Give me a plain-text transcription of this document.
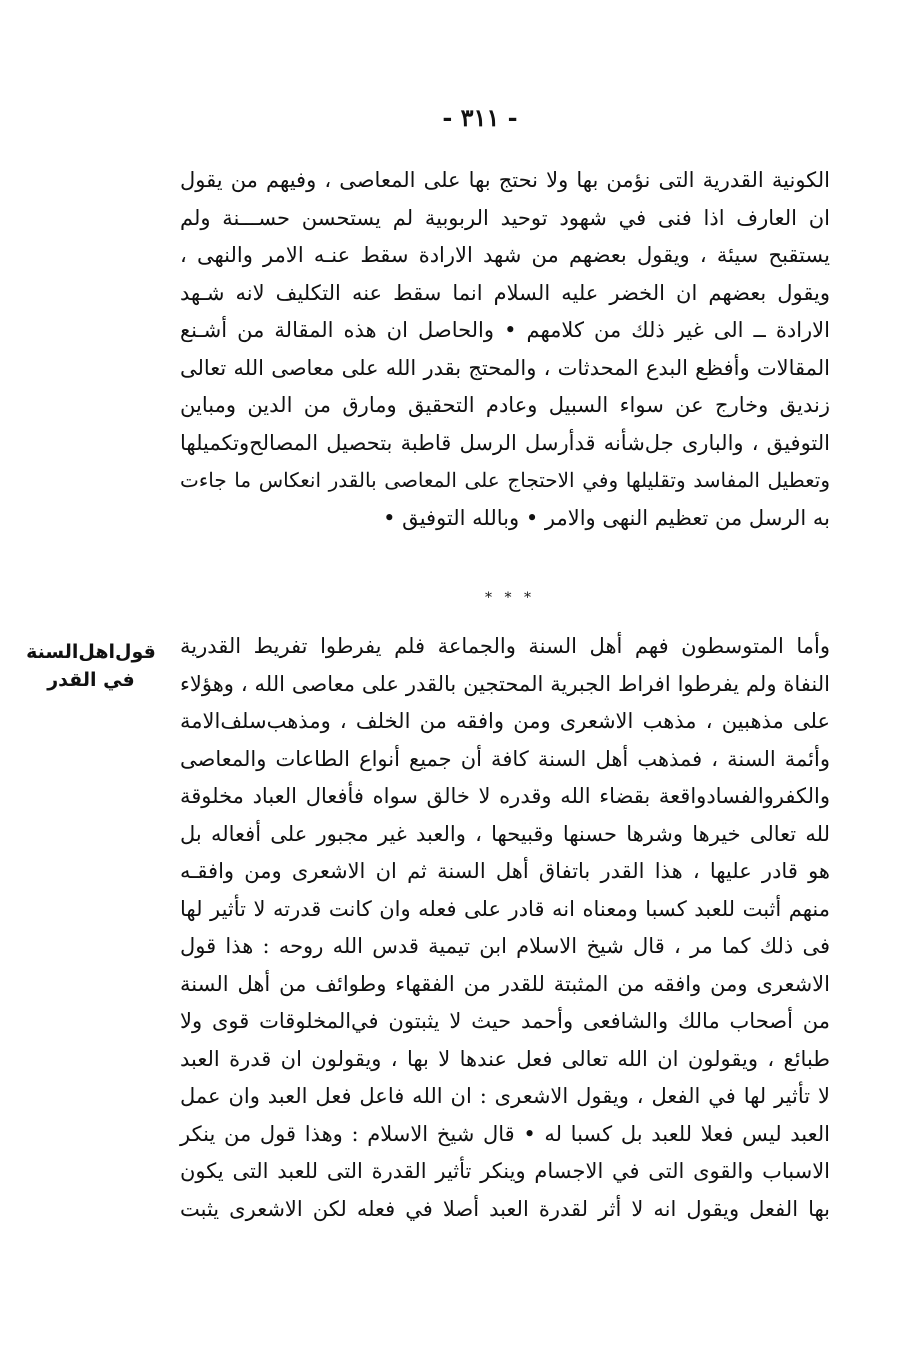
- ٣١١ -
الكونية القدرية التى نؤمن بها ولا نحتج بها على المعاصى ، وفيهم من يقول
ان العارف اذا فنى في شهود توحيد الربوبية لم يستحسن حســـنة ولم
يستقبح سيئة ، ويقول بعضهم من شهد الارادة سقط عنـه الامر والنهى ،
ويقول بعضهم ان الخضر عليه السلام انما سقط عنه التكليف لانه شـهد
الارادة ــ الى غير ذلك من كلامهم • والحاصل ان هذه المقالة من أشـنع
المقالات وأفظع البدع المحدثات ، والمحتج بقدر الله على معاصى الله تعالى
زنديق وخارج عن سواء السبيل وعادم التحقيق ومارق من الدين ومباين
التوفيق ، والبارى جل‌شأنه قدأرسل الرسل قاطبة بتحصيل المصالح‌وتكميلها
وتعطيل المفاسد وتقليلها وفي الاحتجاج على المعاصى بالقدر انعكاس ما جاءت
به الرسل من تعظيم النهى والامر • وبالله التوفيق •
* * *
قول‌اهل‌السنة
في القدر
وأما المتوسطون فهم أهل السنة والجماعة فلم يفرطوا تفريط القدرية
النفاة ولم يفرطوا افراط الجبرية المحتجين بالقدر على معاصى الله ، وهؤلاء
على مذهبين ، مذهب الاشعرى ومن وافقه من الخلف ، ومذهب‌سلف‌الامة
وأئمة السنة ، فمذهب أهل السنة كافة أن جميع أنواع الطاعات والمعاصى
والكفروالفسادواقعة بقضاء الله وقدره لا خالق سواه فأفعال العباد مخلوقة
لله تعالى خيرها وشرها حسنها وقبيحها ، والعبد غير مجبور على أفعاله بل
هو قادر عليها ، هذا القدر باتفاق أهل السنة ثم ان الاشعرى ومن وافقـه
منهم أثبت للعبد كسبا ومعناه انه قادر على فعله وان كانت قدرته لا تأثير لها
فى ذلك كما مر ، قال شيخ الاسلام ابن تيمية قدس الله روحه : هذا قول
الاشعرى ومن وافقه من المثبتة للقدر من الفقهاء وطوائف من أهل السنة
من أصحاب مالك والشافعى وأحمد حيث لا يثبتون في‌المخلوقات قوى ولا
طبائع ، ويقولون ان الله تعالى فعل عندها لا بها ، ويقولون ان قدرة العبد
لا تأثير لها في الفعل ، ويقول الاشعرى : ان الله فاعل فعل العبد وان عمل
العبد ليس فعلا للعبد بل كسبا له • قال شيخ الاسلام : وهذا قول من ينكر
الاسباب والقوى التى في الاجسام وينكر تأثير القدرة التى للعبد التى يكون
بها الفعل ويقول انه لا أثر لقدرة العبد أصلا في فعله لكن الاشعرى يثبت
